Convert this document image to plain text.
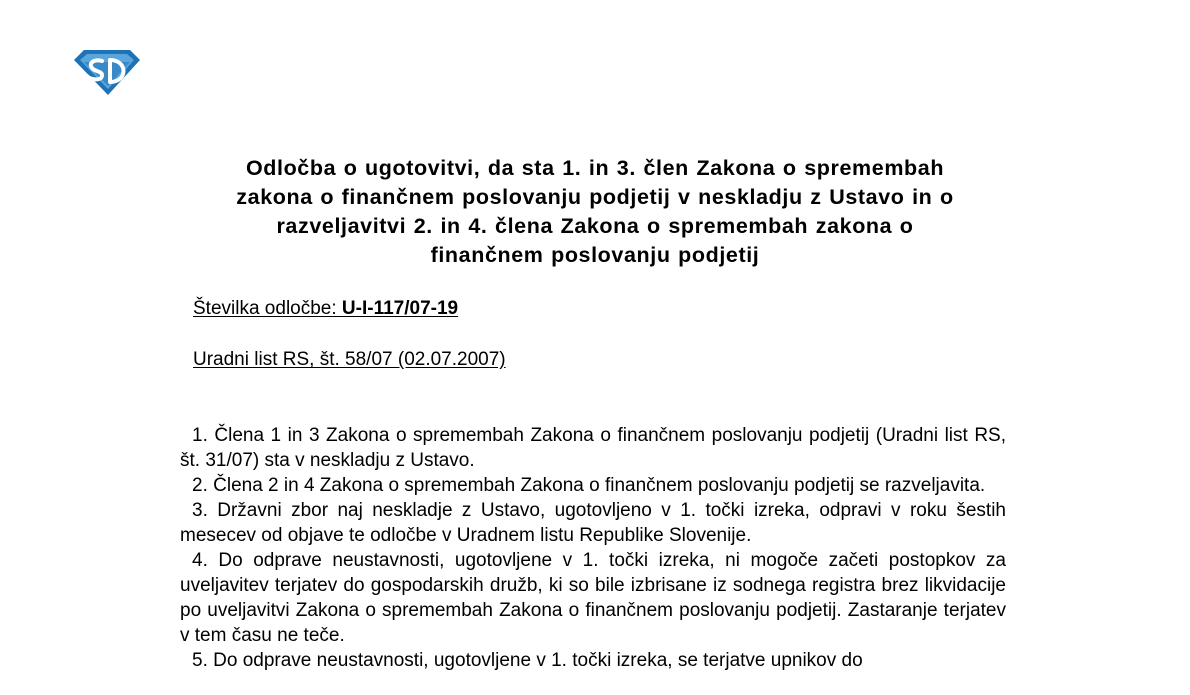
Odločba o ugotovitvi, da sta 1. in 3. člen Zakona o spremembah
zakona o finančnem poslovanju podjetij v neskladju z Ustavo in o
razveljavitvi 2. in 4. člena Zakona o spremembah zakona o
finančnem poslovanju podjetij
Številka odločbe: U-I-117/07-19
Uradni list RS, št. 58/07 (02.07.2007)

1. Člena 1 in 3 Zakona o spremembah Zakona o finančnem poslovanju podjetij (Uradni list RS, št. 31/07) sta v neskladju z Ustavo.

2. Člena 2 in 4 Zakona o spremembah Zakona o finančnem poslovanju podjetij se razveljavita.

3. Državni zbor naj neskladje z Ustavo, ugotovljeno v 1. točki izreka, odpravi v roku šestih mesecev od objave te odločbe v Uradnem listu Republike Slovenije.

4. Do odprave neustavnosti, ugotovljene v 1. točki izreka, ni mogoče začeti postopkov za uveljavitev terjatev do gospodarskih družb, ki so bile izbrisane iz sodnega registra brez likvidacije po uveljavitvi Zakona o spremembah Zakona o finančnem poslovanju podjetij. Zastaranje terjatev v tem času ne teče.

5. Do odprave neustavnosti, ugotovljene v 1. točki izreka, se terjatve upnikov do
